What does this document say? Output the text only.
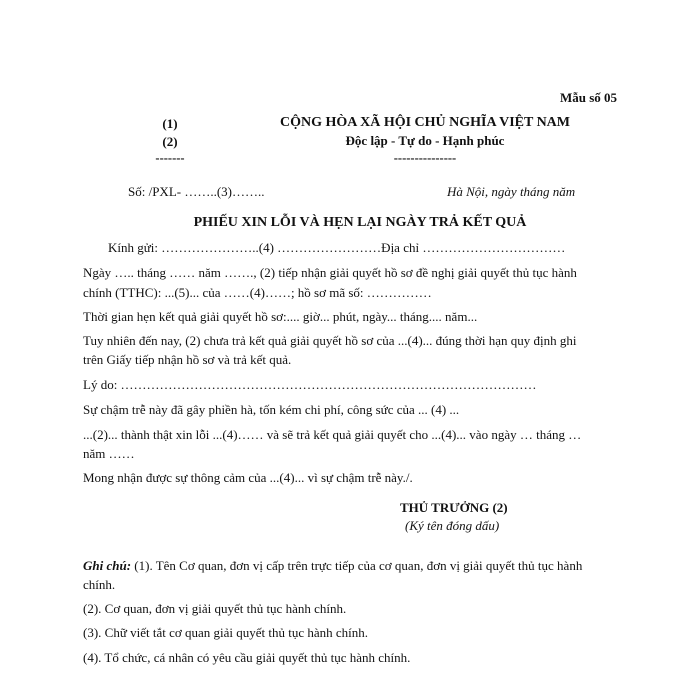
Mẫu số 05
(1)
(2)
-------
CỘNG HÒA XÃ HỘI CHỦ NGHĨA VIỆT NAM
Độc lập - Tự do - Hạnh phúc
---------------
Số: /PXL- ……..(3)……..	Hà Nội, ngày tháng năm
PHIẾU XIN LỖI VÀ HẸN LẠI NGÀY TRẢ KẾT QUẢ
Kính gửi: …………………..(4) ……………………Địa chỉ ……………………………
Ngày ….. tháng …… năm ……., (2) tiếp nhận giải quyết hồ sơ đề nghị giải quyết thủ tục hành
chính (TTHC): ...(5)... của ……(4)……; hồ sơ mã số: ……………
Thời gian hẹn kết quả giải quyết hồ sơ:.... giờ... phút, ngày... tháng.... năm...
Tuy nhiên đến nay, (2) chưa trả kết quả giải quyết hồ sơ của ...(4)... đúng thời hạn quy định ghi
trên Giấy tiếp nhận hồ sơ và trả kết quả.
Lý do: ……………………………………………………………………………………
Sự chậm trễ này đã gây phiền hà, tốn kém chi phí, công sức của ... (4) ...
...(2)... thành thật xin lỗi ...(4)…… và sẽ trả kết quả giải quyết cho ...(4)... vào ngày … tháng …
năm ……
Mong nhận được sự thông cảm của ...(4)... vì sự chậm trễ này./.
THỦ TRƯỞNG (2)
(Ký tên đóng dấu)
Ghi chú: (1). Tên Cơ quan, đơn vị cấp trên trực tiếp của cơ quan, đơn vị giải quyết thủ tục hành
chính.
(2). Cơ quan, đơn vị giải quyết thủ tục hành chính.
(3). Chữ viết tắt cơ quan giải quyết thủ tục hành chính.
(4). Tổ chức, cá nhân có yêu cầu giải quyết thủ tục hành chính.
